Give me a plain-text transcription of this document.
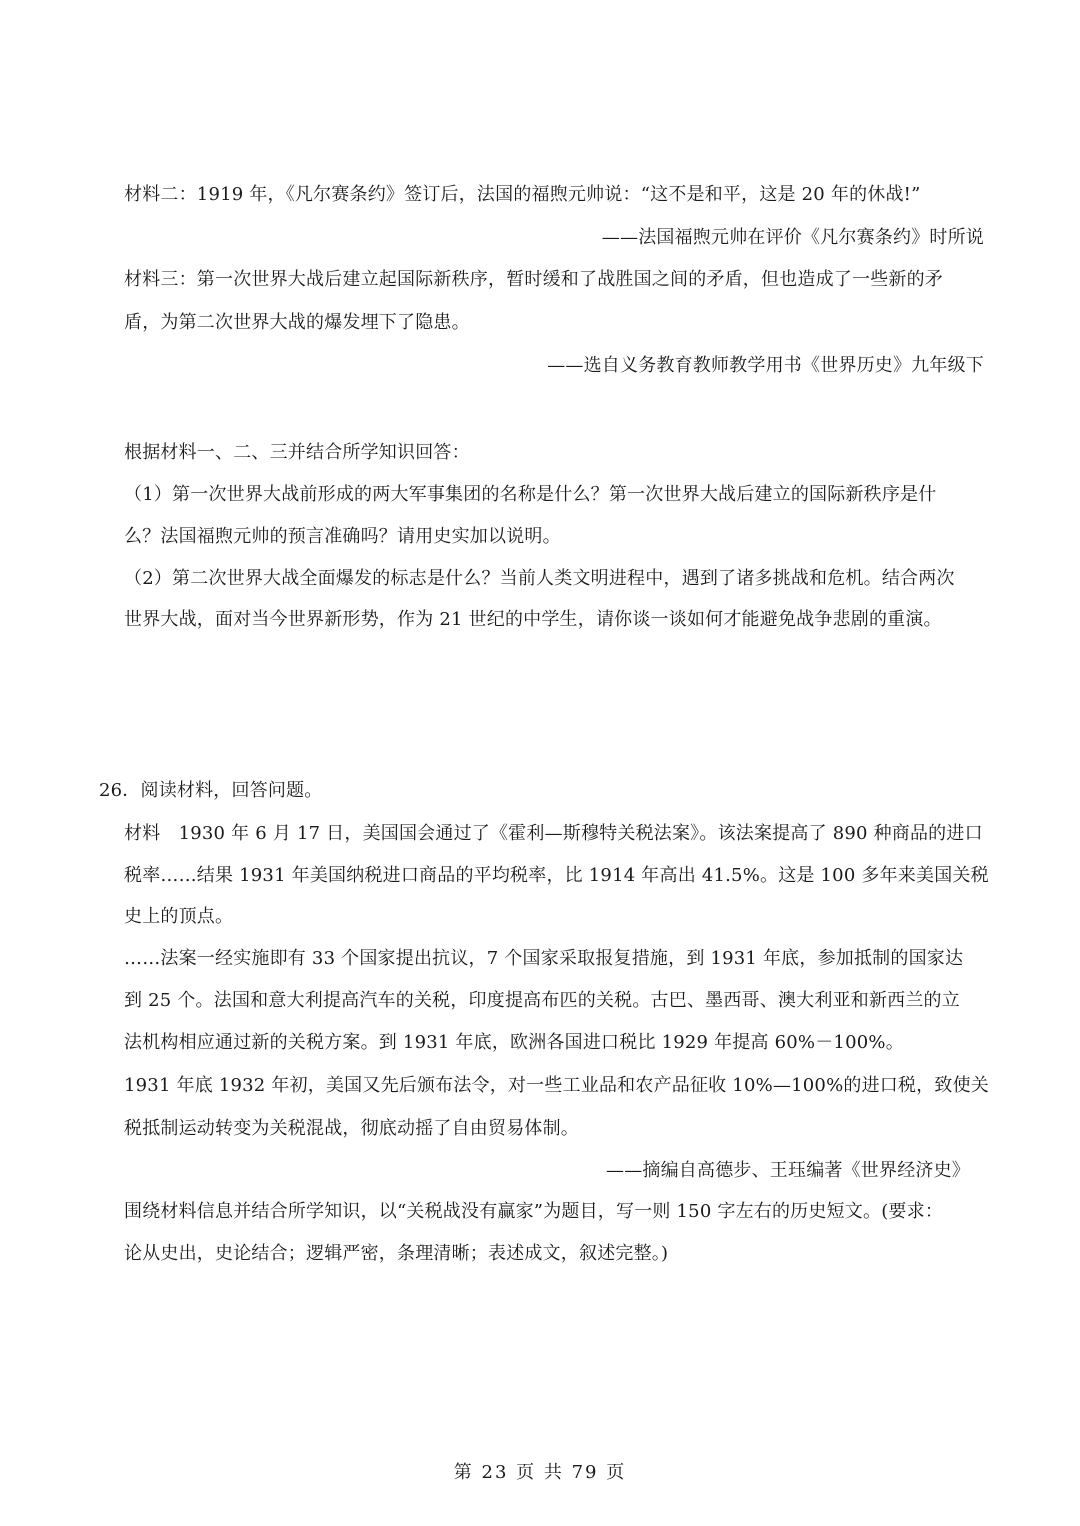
材料二：1919 年，《凡尔赛条约》签订后，法国的福煦元帅说：“这不是和平，这是 20 年的休战!”
——法国福煦元帅在评价《凡尔赛条约》时所说
材料三：第一次世界大战后建立起国际新秩序，暂时缓和了战胜国之间的矛盾，但也造成了一些新的矛
盾，为第二次世界大战的爆发埋下了隐患。
——选自义务教育教师教学用书《世界历史》九年级下
根据材料一、二、三并结合所学知识回答：
（1）第一次世界大战前形成的两大军事集团的名称是什么？第一次世界大战后建立的国际新秩序是什
么？法国福煦元帅的预言准确吗？请用史实加以说明。
（2）第二次世界大战全面爆发的标志是什么？当前人类文明进程中，遇到了诸多挑战和危机。结合两次
世界大战，面对当今世界新形势，作为 21 世纪的中学生，请你谈一谈如何才能避免战争悲剧的重演。
26．阅读材料，回答问题。
材料　1930 年 6 月 17 日，美国国会通过了《霍利—斯穆特关税法案》。该法案提高了 890 种商品的进口
税率……结果 1931 年美国纳税进口商品的平均税率，比 1914 年高出 41.5%。这是 100 多年来美国关税
史上的顶点。
……法案一经实施即有 33 个国家提出抗议，7 个国家采取报复措施，到 1931 年底，参加抵制的国家达
到 25 个。法国和意大利提高汽车的关税，印度提高布匹的关税。古巴、墨西哥、澳大利亚和新西兰的立
法机构相应通过新的关税方案。到 1931 年底，欧洲各国进口税比 1929 年提高 60%－100%。
1931 年底 1932 年初，美国又先后颁布法令，对一些工业品和农产品征收 10%—100%的进口税，致使关
税抵制运动转变为关税混战，彻底动摇了自由贸易体制。
——摘编自高德步、王珏编著《世界经济史》
围绕材料信息并结合所学知识，以“关税战没有赢家”为题目，写一则 150 字左右的历史短文。(要求：
论从史出，史论结合；逻辑严密，条理清晰；表述成文，叙述完整。)
第 23 页 共 79 页
